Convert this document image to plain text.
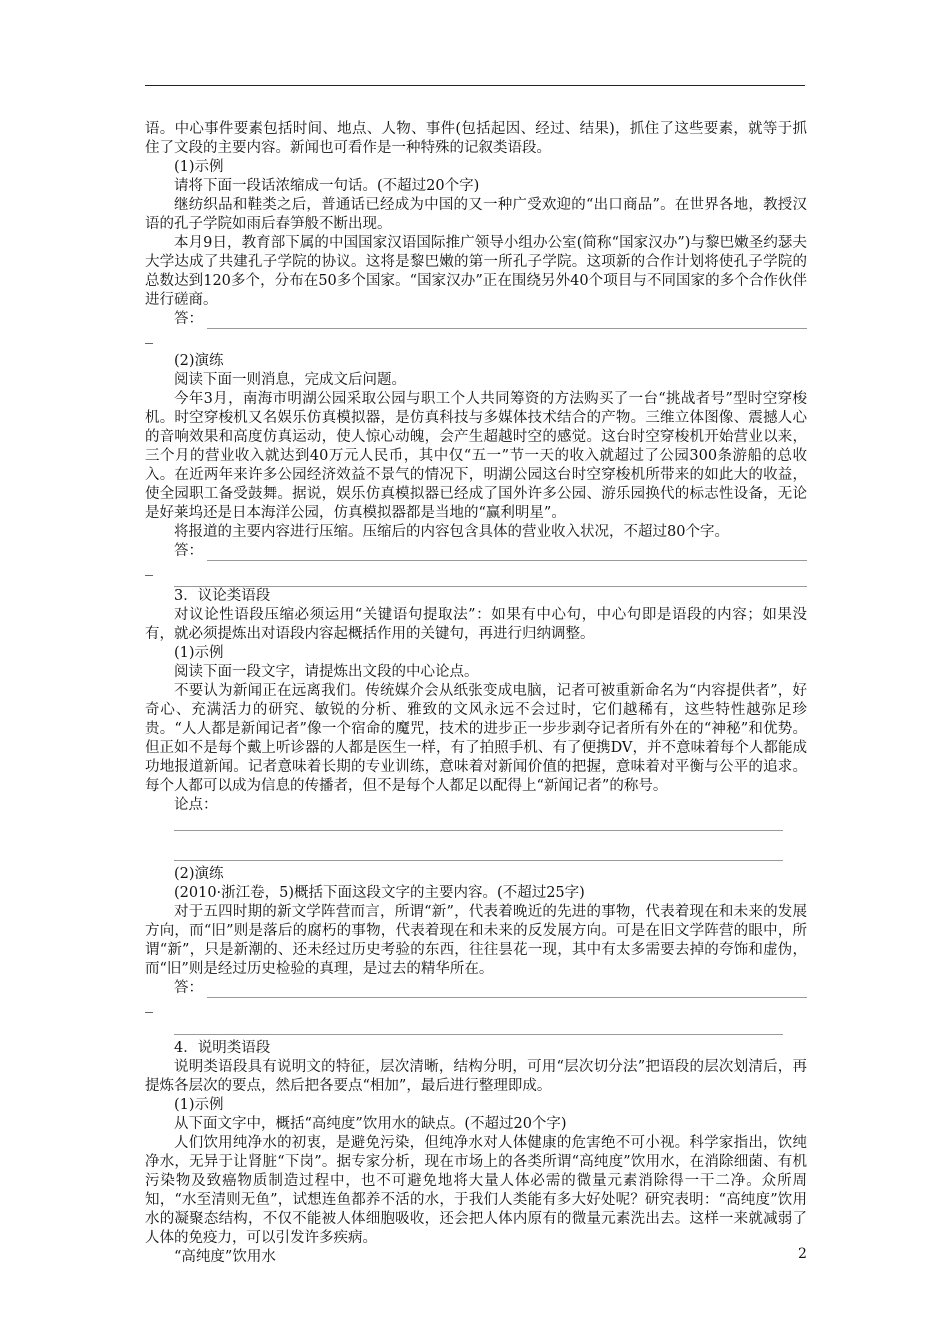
语。中心事件要素包括时间、地点、人物、事件(包括起因、经过、结果)，抓住了这些要素，就等于抓住了文段的主要内容。新闻也可看作是一种特殊的记叙类语段。

(1)示例

请将下面一段话浓缩成一句话。(不超过20个字)

继纺织品和鞋类之后，普通话已经成为中国的又一种广受欢迎的“出口商品”。在世界各地，教授汉语的孔子学院如雨后春笋般不断出现。

本月9日，教育部下属的中国国家汉语国际推广领导小组办公室(简称“国家汉办”)与黎巴嫩圣约瑟夫大学达成了共建孔子学院的协议。这将是黎巴嫩的第一所孔子学院。这项新的合作计划将使孔子学院的总数达到120多个，分布在50多个国家。“国家汉办”正在围绕另外40个项目与不同国家的多个合作伙伴进行磋商。

答：

(2)演练

阅读下面一则消息，完成文后问题。

今年3月，南海市明湖公园采取公园与职工个人共同筹资的方法购买了一台“挑战者号”型时空穿梭机。时空穿梭机又名娱乐仿真模拟器，是仿真科技与多媒体技术结合的产物。三维立体图像、震撼人心的音响效果和高度仿真运动，使人惊心动魄，会产生超越时空的感觉。这台时空穿梭机开始营业以来，三个月的营业收入就达到40万元人民币，其中仅“五一”节一天的收入就超过了公园300条游船的总收入。在近两年来许多公园经济效益不景气的情况下，明湖公园这台时空穿梭机所带来的如此大的收益，使全园职工备受鼓舞。据说，娱乐仿真模拟器已经成了国外许多公园、游乐园换代的标志性设备，无论是好莱坞还是日本海洋公园，仿真模拟器都是当地的“赢利明星”。

将报道的主要内容进行压缩。压缩后的内容包含具体的营业收入状况，不超过80个字。

答：

3．议论类语段

对议论性语段压缩必须运用“关键语句提取法”：如果有中心句，中心句即是语段的内容；如果没有，就必须提炼出对语段内容起概括作用的关键句，再进行归纳调整。

(1)示例

阅读下面一段文字，请提炼出文段的中心论点。

不要认为新闻正在远离我们。传统媒介会从纸张变成电脑，记者可被重新命名为“内容提供者”，好奇心、充满活力的研究、敏锐的分析、雅致的文风永远不会过时，它们越稀有，这些特性越弥足珍贵。“人人都是新闻记者”像一个宿命的魔咒，技术的进步正一步步剥夺记者所有外在的“神秘”和优势。但正如不是每个戴上听诊器的人都是医生一样，有了拍照手机、有了便携DV，并不意味着每个人都能成功地报道新闻。记者意味着长期的专业训练，意味着对新闻价值的把握，意味着对平衡与公平的追求。每个人都可以成为信息的传播者，但不是每个人都足以配得上“新闻记者”的称号。

论点：

(2)演练

(2010·浙江卷，5)概括下面这段文字的主要内容。(不超过25字)

对于五四时期的新文学阵营而言，所谓“新”，代表着晚近的先进的事物，代表着现在和未来的发展方向，而“旧”则是落后的腐朽的事物，代表着现在和未来的反发展方向。可是在旧文学阵营的眼中，所谓“新”，只是新潮的、还未经过历史考验的东西，往往昙花一现，其中有太多需要去掉的夸饰和虚伪，而“旧”则是经过历史检验的真理，是过去的精华所在。

答：

4．说明类语段

说明类语段具有说明文的特征，层次清晰，结构分明，可用“层次切分法”把语段的层次划清后，再提炼各层次的要点，然后把各要点“相加”，最后进行整理即成。

(1)示例

从下面文字中，概括“高纯度”饮用水的缺点。(不超过20个字)

人们饮用纯净水的初衷，是避免污染，但纯净水对人体健康的危害绝不可小视。科学家指出，饮纯净水，无异于让肾脏“下岗”。据专家分析，现在市场上的各类所谓“高纯度”饮用水，在消除细菌、有机污染物及致癌物质制造过程中，也不可避免地将大量人体必需的微量元素消除得一干二净。众所周知，“水至清则无鱼”，试想连鱼都养不活的水，于我们人类能有多大好处呢？研究表明：“高纯度”饮用水的凝聚态结构，不仅不能被人体细胞吸收，还会把人体内原有的微量元素洗出去。这样一来就减弱了人体的免疫力，可以引发许多疾病。

“高纯度”饮用水	2
